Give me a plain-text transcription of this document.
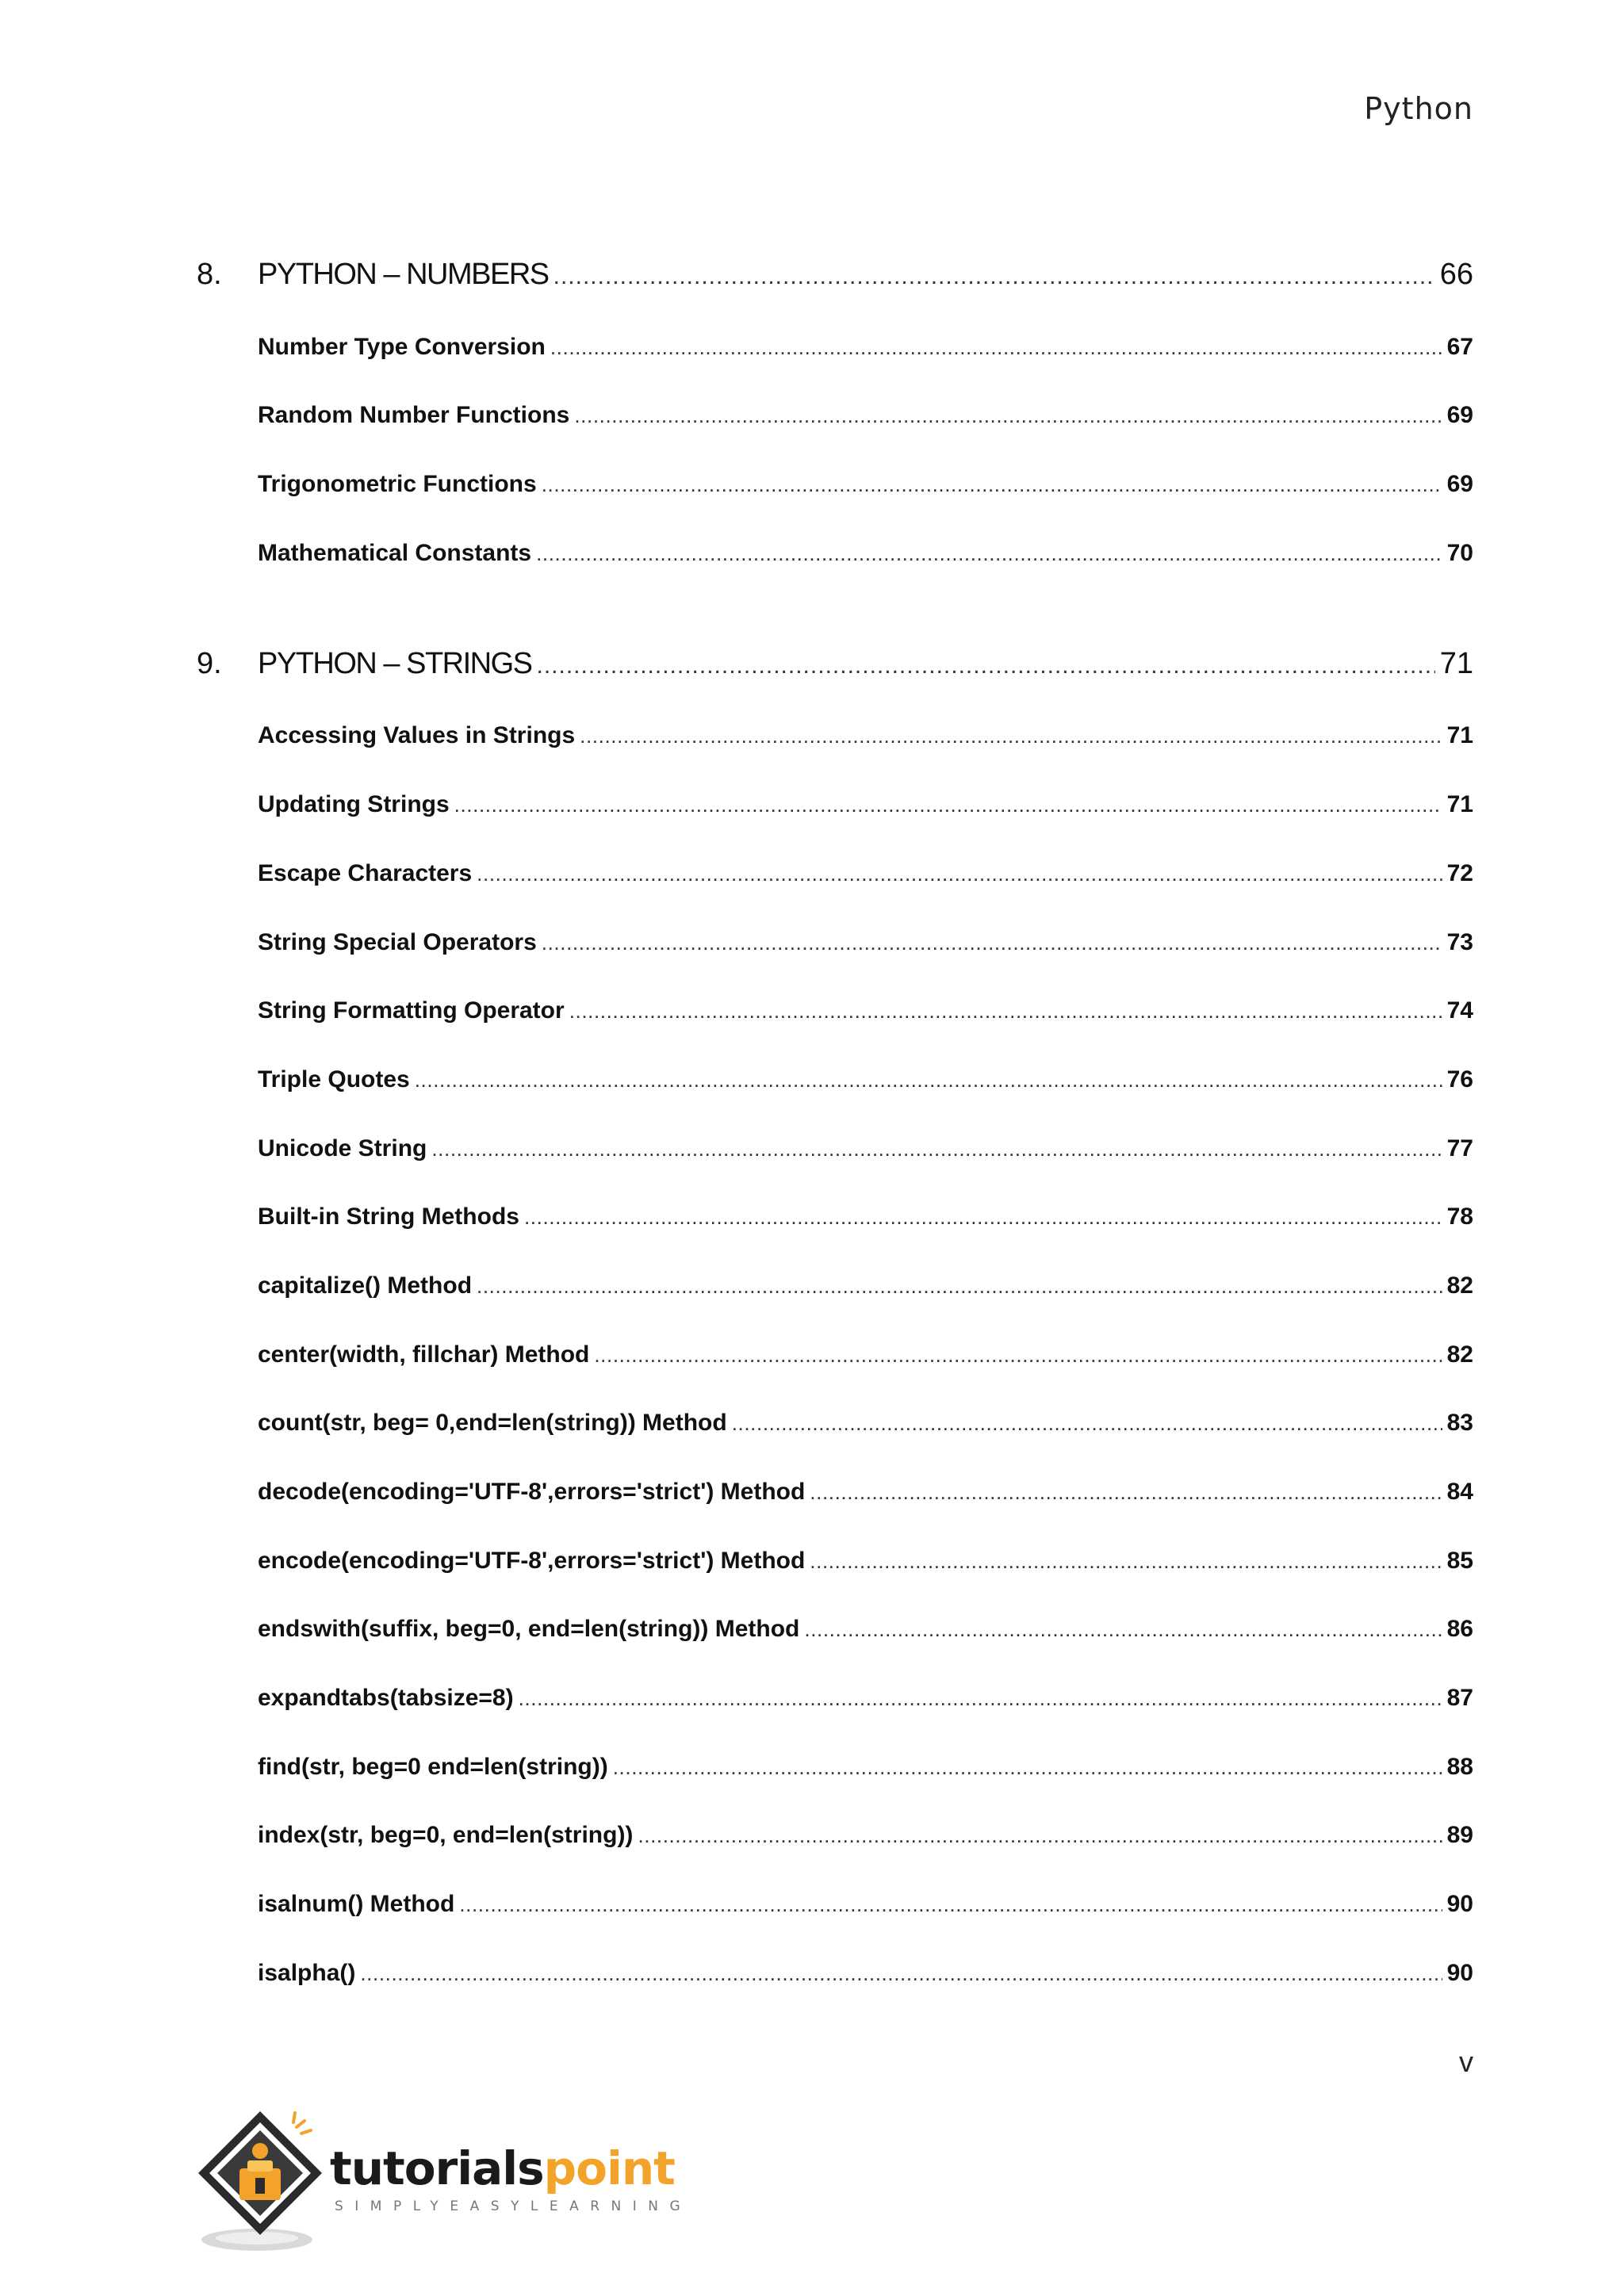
Python
8.	PYTHON – NUMBERS .....	66
Number Type Conversion .....	67
Random Number Functions .....	69
Trigonometric Functions .....	69
Mathematical Constants .....	70
9.	PYTHON – STRINGS .....	71
Accessing Values in Strings .....	71
Updating Strings .....	71
Escape Characters .....	72
String Special Operators .....	73
String Formatting Operator .....	74
Triple Quotes .....	76
Unicode String .....	77
Built-in String Methods .....	78
capitalize() Method .....	82
center(width, fillchar) Method .....	82
count(str, beg= 0,end=len(string)) Method .....	83
decode(encoding='UTF-8',errors='strict') Method .....	84
encode(encoding='UTF-8',errors='strict') Method .....	85
endswith(suffix, beg=0, end=len(string)) Method .....	86
expandtabs(tabsize=8) .....	87
find(str, beg=0 end=len(string)) .....	88
index(str, beg=0, end=len(string)) .....	89
isalnum() Method .....	90
isalpha() .....	90
v
tutorialspoint
SIMPLYEASYLEARNING
